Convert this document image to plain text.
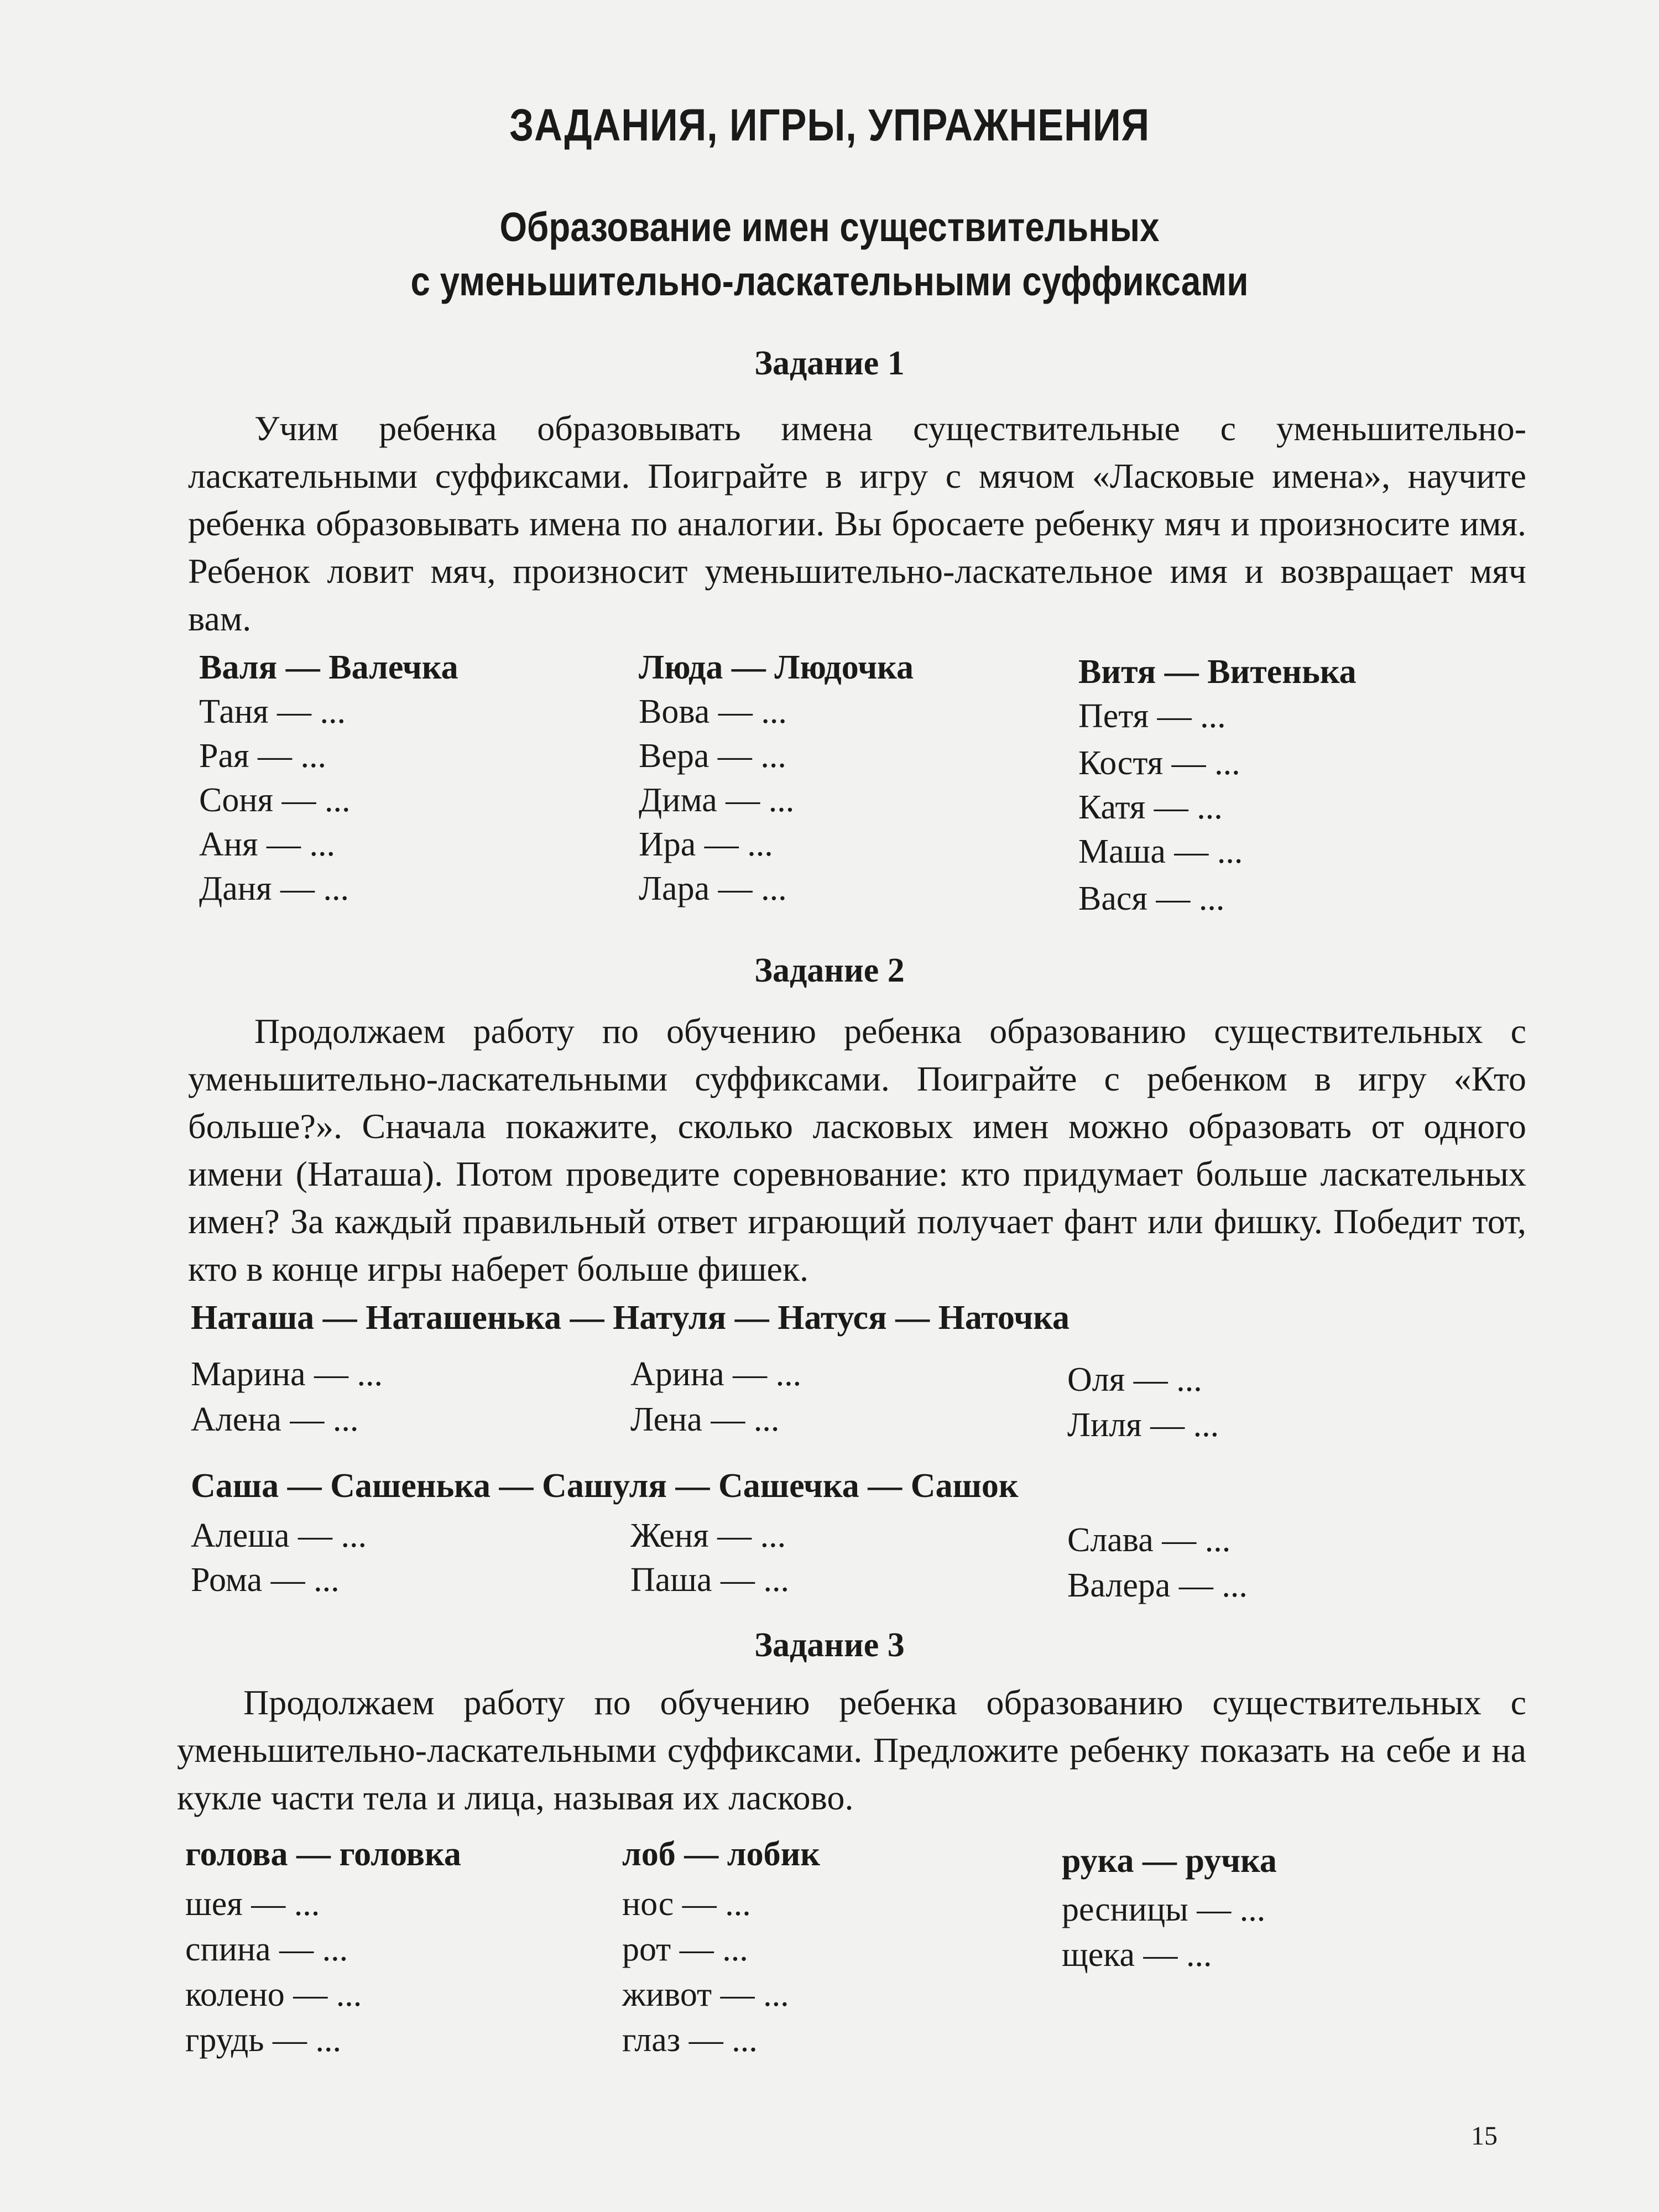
ЗАДАНИЯ, ИГРЫ, УПРАЖНЕНИЯ
Образование имен существительных
с уменьшительно-ласкательными суффиксами
Задание 1
Учим ребенка образовывать имена существительные с уменьшительно-ласкательными суффиксами. Поиграйте в игру с мячом «Ласковые имена», научите ребенка образовывать имена по аналогии. Вы бросаете ребенку мяч и произносите имя. Ребенок ловит мяч, произносит уменьшительно-ласкательное имя и возвращает мяч вам.
Валя — Валечка
Таня — ...
Рая — ...
Соня — ...
Аня — ...
Даня — ...
Люда — Людочка
Вова — ...
Вера — ...
Дима — ...
Ира — ...
Лара — ...
Витя — Витенька
Петя — ...
Костя — ...
Катя — ...
Маша — ...
Вася — ...
Задание 2
Продолжаем работу по обучению ребенка образованию существительных с уменьшительно-ласкательными суффиксами. Поиграйте с ребенком в игру «Кто больше?». Сначала покажите, сколько ласковых имен можно образовать от одного имени (Наташа). Потом проведите соревнование: кто придумает больше ласкательных имен? За каждый правильный ответ играющий получает фант или фишку. Победит тот, кто в конце игры наберет больше фишек.
Наташа — Наташенька — Натуля — Натуся — Наточка
Марина — ...
Алена — ...
Арина — ...
Лена — ...
Оля — ...
Лиля — ...
Саша — Сашенька — Сашуля — Сашечка — Сашок
Алеша — ...
Рома — ...
Женя — ...
Паша — ...
Слава — ...
Валера — ...
Задание 3
Продолжаем работу по обучению ребенка образованию существительных с уменьшительно-ласкательными суффиксами. Предложите ребенку показать на себе и на кукле части тела и лица, называя их ласково.
голова — головка
шея — ...
спина — ...
колено — ...
грудь — ...
лоб — лобик
нос — ...
рот — ...
живот — ...
глаз — ...
рука — ручка
ресницы — ...
щека — ...
15
